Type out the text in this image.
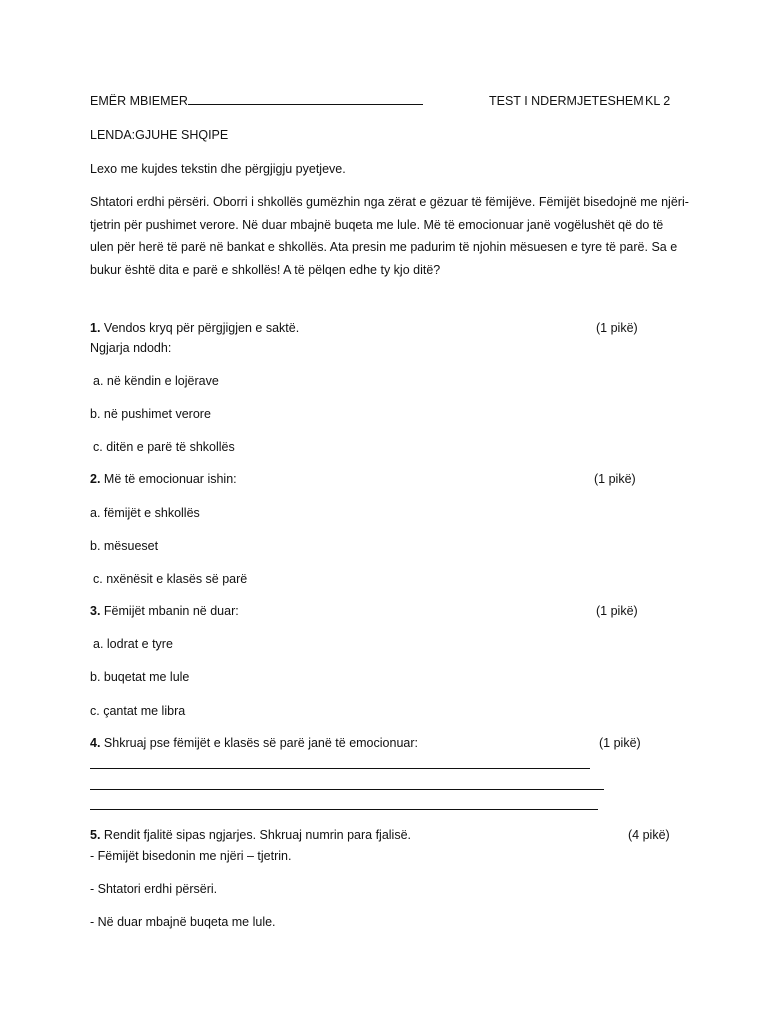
EMËR MBIEMER	TEST I NDERMJETESHEM KL 2
LENDA:GJUHE SHQIPE
Lexo me kujdes tekstin dhe përgjigju pyetjeve.
Shtatori erdhi përsëri. Oborri i shkollës gumëzhin nga zërat e gëzuar të fëmijëve. Fëmijët bisedojnë me njëri-tjetrin për pushimet verore. Në duar mbajnë buqeta me lule. Më të emocionuar janë vogëlushët që do të ulen për herë të parë në bankat e shkollës. Ata presin me padurim të njohin mësuesen e tyre të parë. Sa e bukur është dita e parë e shkollës! A të pëlqen edhe ty kjo ditë?
1. Vendos kryq për përgjigjen e saktë.	(1 pikë)
Ngjarja ndodh:
a. në këndin e lojërave
b. në pushimet verore
c. ditën e parë të shkollës
2. Më të emocionuar ishin:	(1 pikë)
a. fëmijët e shkollës
b. mësueset
c. nxënësit e klasës së parë
3. Fëmijët mbanin në duar:	(1 pikë)
a. lodrat e tyre
b. buqetat me lule
c. çantat me libra
4. Shkruaj pse fëmijët e klasës së parë janë të emocionuar:	(1 pikë)
5. Rendit fjalitë sipas ngjarjes. Shkruaj numrin para fjalisë.	(4 pikë)
- Fëmijët bisedonin me njëri – tjetrin.
- Shtatori erdhi përsëri.
- Në duar mbajnë buqeta me lule.
